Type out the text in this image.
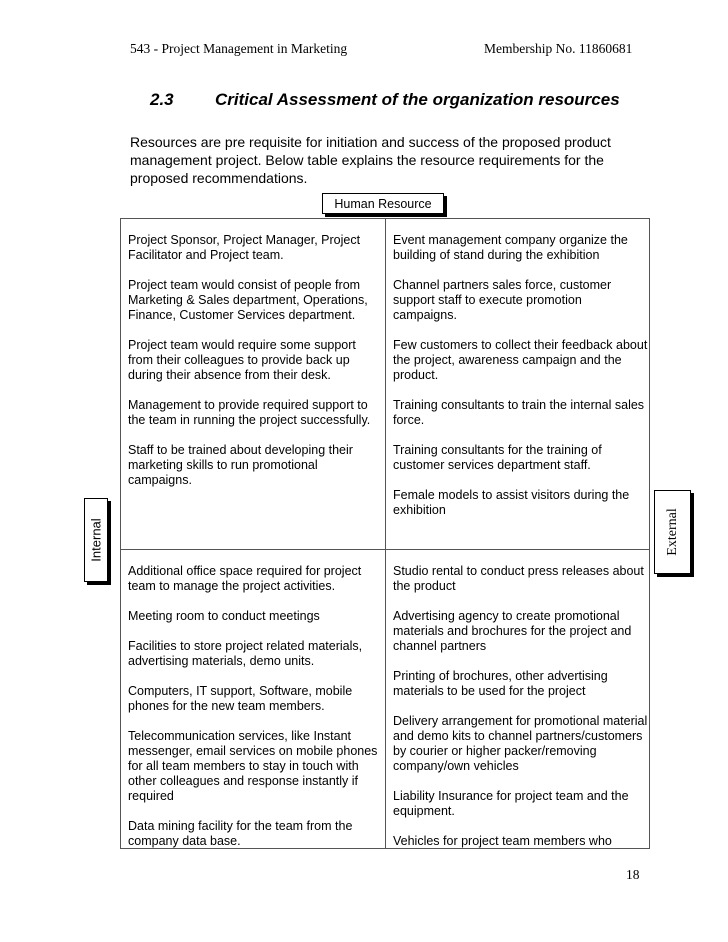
543 - Project Management in Marketing	Membership No. 11860681
2.3 Critical Assessment of the organization resources
Resources are pre requisite for initiation and success of the proposed product management project. Below table explains the resource requirements for the proposed recommendations.

Project Sponsor, Project Manager, Project Facilitator and Project team.

Project team would consist of people from Marketing & Sales department, Operations, Finance, Customer Services department.

Project team would require some support from their colleagues to provide back up during their absence from their desk.

Management to provide required support to the team in running the project successfully.

Staff to be trained about developing their marketing skills to run promotional campaigns.

Event management company organize the building of stand during the exhibition

Channel partners sales force, customer support staff to execute promotion campaigns.

Few customers to collect their feedback about the project, awareness campaign and the product.

Training consultants to train the internal sales force.

Training consultants for the training of customer services department staff.

Female models to assist visitors during the exhibition

Additional office space required for project team to manage the project activities.

Meeting room to conduct meetings

Facilities to store project related materials, advertising materials, demo units.

Computers, IT support, Software, mobile phones for the new team members.

Telecommunication services, like Instant messenger, email services on mobile phones for all team members to stay in touch with other colleagues and response instantly if required

Data mining facility for the team from the company data base.

Studio rental to conduct press releases about the product

Advertising agency to create promotional materials and brochures for the project and channel partners

Printing of brochures, other advertising materials to be used for the project

Delivery arrangement for promotional material and demo kits to channel partners/customers by courier or higher packer/removing company/own vehicles

Liability Insurance for project team and the equipment.

Vehicles for project team members who

Human Resource
Internal	External
18
